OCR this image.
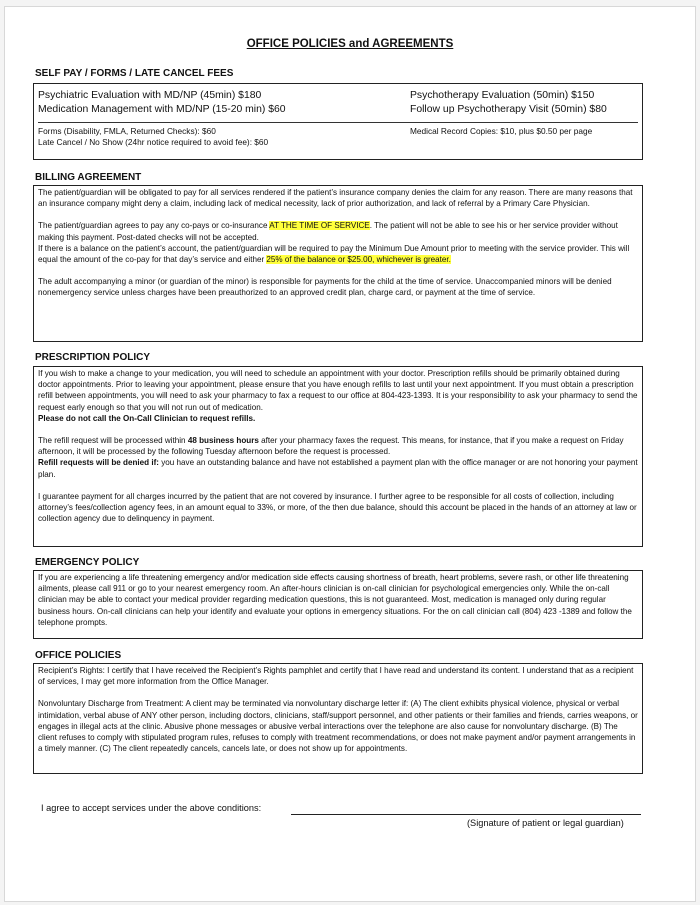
OFFICE POLICIES and AGREEMENTS
SELF PAY / FORMS / LATE CANCEL FEES
Psychiatric Evaluation with MD/NP (45min) $180	Psychotherapy Evaluation (50min) $150
Medication Management with MD/NP (15-20 min) $60	Follow up Psychotherapy Visit (50min) $80
Forms (Disability, FMLA, Returned Checks): $60	Medical Record Copies: $10, plus $0.50 per page
Late Cancel / No Show (24hr notice required to avoid fee): $60
BILLING AGREEMENT

The patient/guardian will be obligated to pay for all services rendered if the patient’s insurance company denies the claim for any reason. There are many reasons that an insurance company might deny a claim, including lack of medical necessity, lack of prior authorization, and lack of referral by a Primary Care Physician.

The patient/guardian agrees to pay any co-pays or co-insurance AT THE TIME OF SERVICE. The patient will not be able to see his or her service provider without making this payment. Post-dated checks will not be accepted.
If there is a balance on the patient’s account, the patient/guardian will be required to pay the Minimum Due Amount prior to meeting with the service provider. This will equal the amount of the co-pay for that day’s service and either 25% of the balance or $25.00, whichever is greater.

The adult accompanying a minor (or guardian of the minor) is responsible for payments for the child at the time of service. Unaccompanied minors will be denied nonemergency service unless charges have been preauthorized to an approved credit plan, charge card, or payment at the time of service.

PRESCRIPTION POLICY

If you wish to make a change to your medication, you will need to schedule an appointment with your doctor. Prescription refills should be primarily obtained during doctor appointments. Prior to leaving your appointment, please ensure that you have enough refills to last until your next appointment. If you must obtain a prescription refill between appointments, you will need to ask your pharmacy to fax a request to our office at 804-423-1393. It is your responsibility to ask your pharmacy to send the request early enough so that you will not run out of medication.
Please do not call the On-Call Clinician to request refills.

The refill request will be processed within 48 business hours after your pharmacy faxes the request. This means, for instance, that if you make a request on Friday afternoon, it will be processed by the following Tuesday afternoon before the request is processed.
Refill requests will be denied if: you have an outstanding balance and have not established a payment plan with the office manager or are not honoring your payment plan.

I guarantee payment for all charges incurred by the patient that are not covered by insurance. I further agree to be responsible for all costs of collection, including attorney’s fees/collection agency fees, in an amount equal to 33%, or more, of the then due balance, should this account be placed in the hands of an attorney at law or collection agency due to delinquency in payment.

EMERGENCY POLICY

If you are experiencing a life threatening emergency and/or medication side effects causing shortness of breath, heart problems, severe rash, or other life threatening ailments, please call 911 or go to your nearest emergency room. An after-hours clinician is on-call clinician for psychological emergencies only. While the on-call clinician may be able to contact your medical provider regarding medication questions, this is not guaranteed. Most, medication is managed only during regular business hours. On-call clinicians can help your identify and evaluate your options in emergency situations. For the on call clinician call (804) 423 -1389 and follow the telephone prompts.

OFFICE POLICIES

Recipient’s Rights: I certify that I have received the Recipient’s Rights pamphlet and certify that I have read and understand its content. I understand that as a recipient of services, I may get more information from the Office Manager.

Nonvoluntary Discharge from Treatment: A client may be terminated via nonvoluntary discharge letter if: (A) The client exhibits physical violence, physical or verbal intimidation, verbal abuse of ANY other person, including doctors, clinicians, staff/support personnel, and other patients or their families and friends, carries weapons, or engages in illegal acts at the clinic. Abusive phone messages or abusive verbal interactions over the telephone are also cause for nonvoluntary discharge. (B) The client refuses to comply with stipulated program rules, refuses to comply with treatment recommendations, or does not make payment and/or payment arrangements in a timely manner. (C) The client repeatedly cancels, cancels late, or does not show up for appointments.

I agree to accept services under the above conditions:
(Signature of patient or legal guardian)
